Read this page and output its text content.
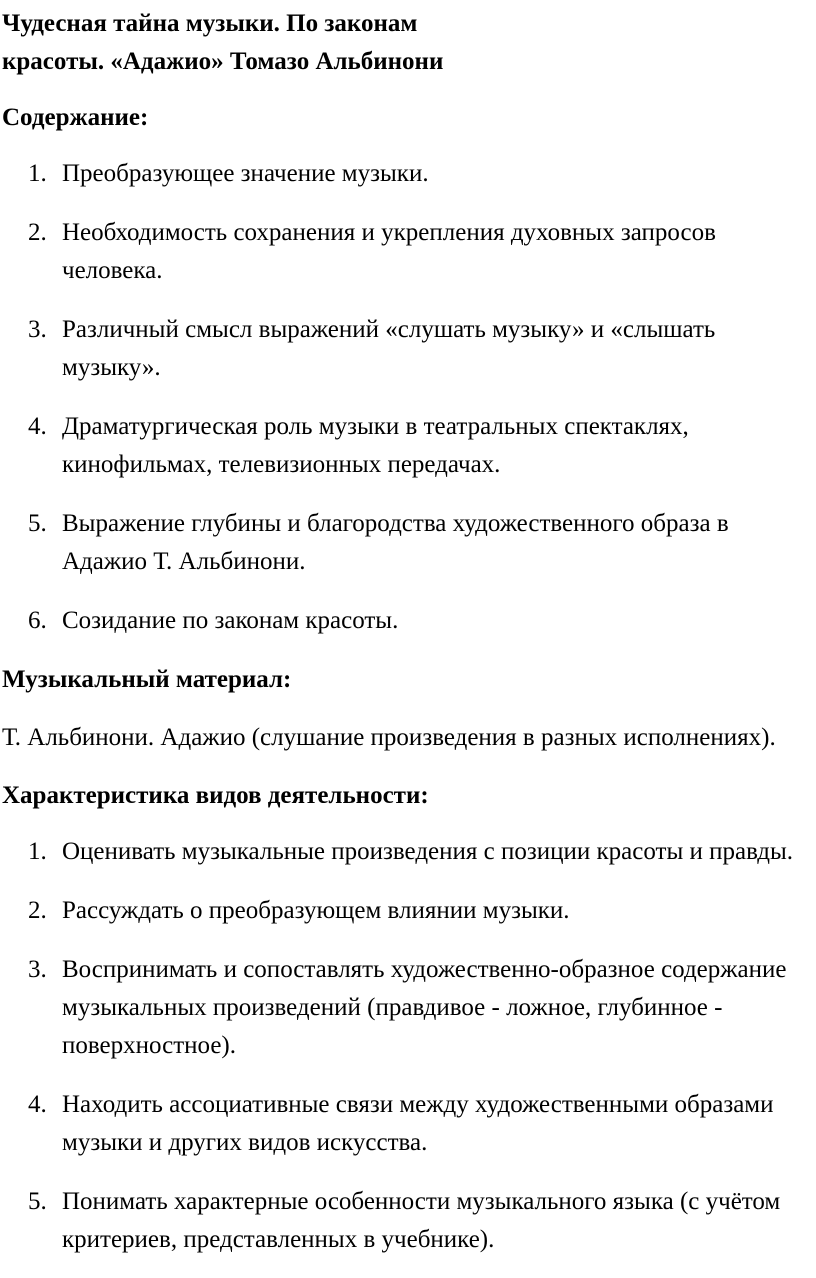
Чудесная тайна музыки. По законам красоты. «Адажио» Томазо Альбинони

Содержание:

1. Преобразующее значение музыки.
2. Необходимость сохранения и укрепления духовных запросов человека.
3. Различный смысл выражений «слушать музыку» и «слышать музыку».
4. Драматургическая роль музыки в театральных спектаклях, кинофильмах, телевизионных передачах.
5. Выражение глубины и благородства художественного образа в Адажио Т. Альбинони.
6. Созидание по законам красоты.

Музыкальный материал:

Т. Альбинони. Адажио (слушание произведения в разных исполнениях).

Характеристика видов деятельности:

1. Оценивать музыкальные произведения с позиции красоты и правды.
2. Рассуждать о преобразующем влиянии музыки.
3. Воспринимать и сопоставлять художественно-образное содержание музыкальных произведений (правдивое - ложное, глубинное - поверхностное).
4. Находить ассоциативные связи между художественными образами музыки и других видов искусства.
5. Понимать характерные особенности музыкального языка (с учётом критериев, представленных в учебнике).
